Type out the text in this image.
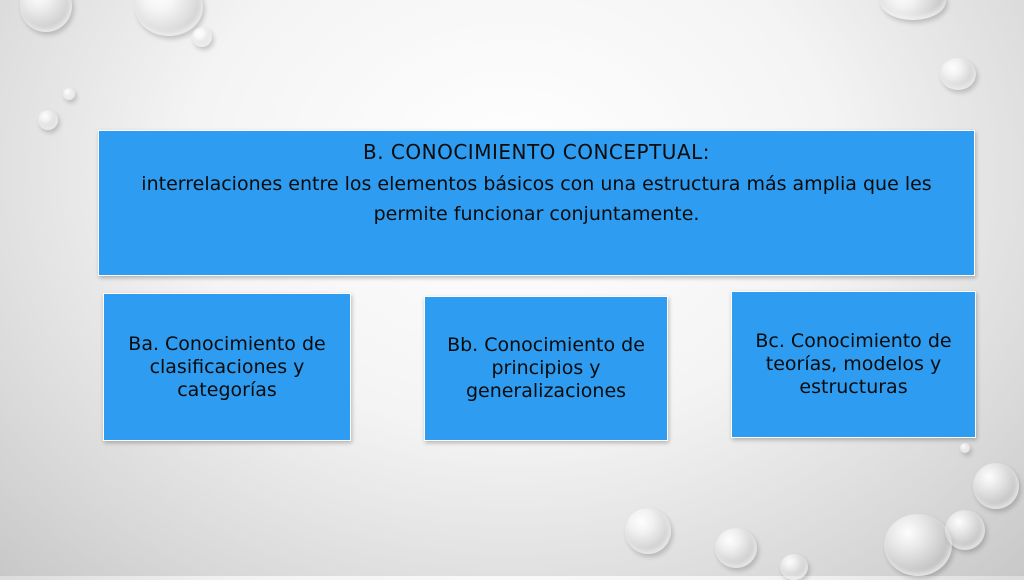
B. CONOCIMIENTO CONCEPTUAL:
interrelaciones entre los elementos básicos con una estructura más amplia que les
permite funcionar conjuntamente.
Ba. Conocimiento de clasificaciones y categorías
Bb. Conocimiento de principios y generalizaciones
Bc. Conocimiento de teorías, modelos y estructuras
